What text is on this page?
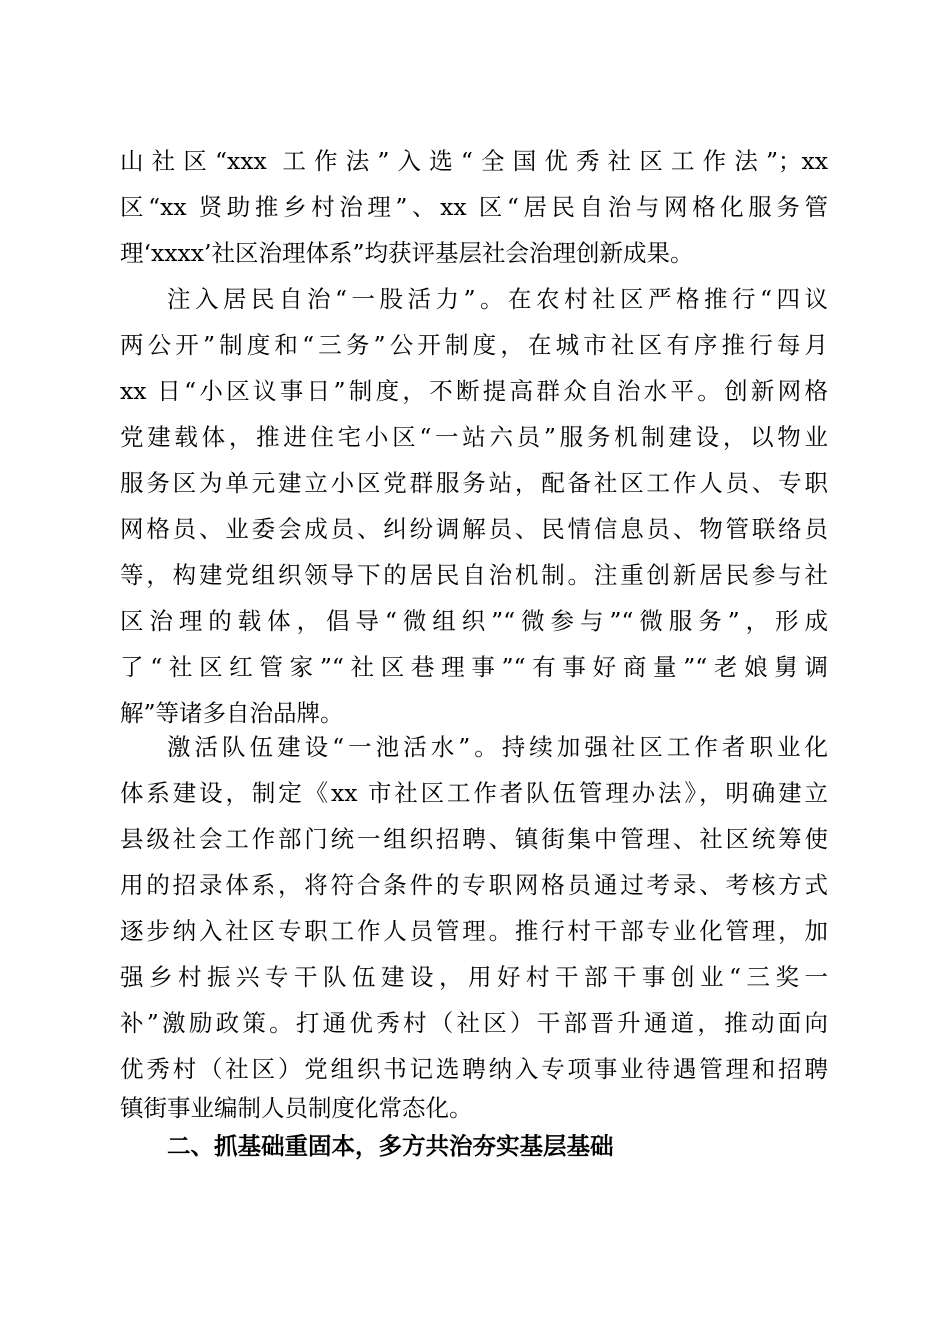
山社区“xxx 工作法”入选“全国优秀社区工作法”；xx
区“xx 贤助推乡村治理”、xx 区“居民自治与网格化服务管
理‘xxxx’社区治理体系”均获评基层社会治理创新成果。
注入居民自治“一股活力”。在农村社区严格推行“四议
两公开”制度和“三务”公开制度，在城市社区有序推行每月
xx 日“小区议事日”制度，不断提高群众自治水平。创新网格
党建载体，推进住宅小区“一站六员”服务机制建设，以物业
服务区为单元建立小区党群服务站，配备社区工作人员、专职
网格员、业委会成员、纠纷调解员、民情信息员、物管联络员
等，构建党组织领导下的居民自治机制。注重创新居民参与社
区治理的载体，倡导“微组织”“微参与”“微服务”，形成
了“社区红管家”“社区巷理事”“有事好商量”“老娘舅调
解”等诸多自治品牌。
激活队伍建设“一池活水”。持续加强社区工作者职业化
体系建设，制定《xx 市社区工作者队伍管理办法》，明确建立
县级社会工作部门统一组织招聘、镇街集中管理、社区统筹使
用的招录体系，将符合条件的专职网格员通过考录、考核方式
逐步纳入社区专职工作人员管理。推行村干部专业化管理，加
强乡村振兴专干队伍建设，用好村干部干事创业“三奖一
补”激励政策。打通优秀村（社区）干部晋升通道，推动面向
优秀村（社区）党组织书记选聘纳入专项事业待遇管理和招聘
镇街事业编制人员制度化常态化。
二、抓基础重固本，多方共治夯实基层基础
